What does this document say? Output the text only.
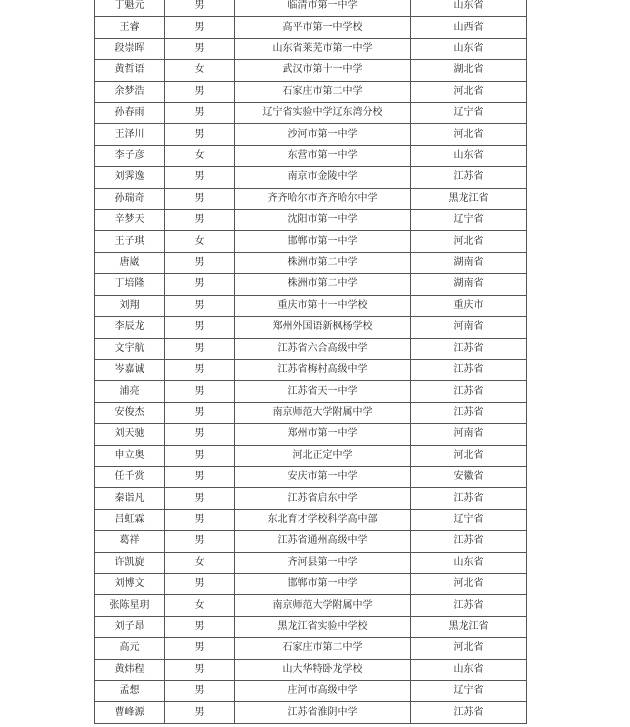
丁魁元	男	临清市第一中学	山东省
王睿	男	高平市第一中学校	山西省
段崇晖	男	山东省莱芜市第一中学	山东省
黄哲语	女	武汉市第十一中学	湖北省
余梦浩	男	石家庄市第二中学	河北省
孙春雨	男	辽宁省实验中学辽东湾分校	辽宁省
王泽川	男	沙河市第一中学	河北省
李子彦	女	东营市第一中学	山东省
刘霁逸	男	南京市金陵中学	江苏省
孙瑞奇	男	齐齐哈尔市齐齐哈尔中学	黑龙江省
辛梦天	男	沈阳市第一中学	辽宁省
王子琪	女	邯郸市第一中学	河北省
唐崴	男	株洲市第二中学	湖南省
丁培隆	男	株洲市第二中学	湖南省
刘翔	男	重庆市第十一中学校	重庆市
李辰龙	男	郑州外国语新枫杨学校	河南省
文宇航	男	江苏省六合高级中学	江苏省
岑嘉诚	男	江苏省梅村高级中学	江苏省
浦亮	男	江苏省天一中学	江苏省
安俊杰	男	南京师范大学附属中学	江苏省
刘天驰	男	郑州市第一中学	河南省
申立奥	男	河北正定中学	河北省
任千赏	男	安庆市第一中学	安徽省
秦诣凡	男	江苏省启东中学	江苏省
吕虹霖	男	东北育才学校科学高中部	辽宁省
葛祥	男	江苏省通州高级中学	江苏省
许凯旋	女	齐河县第一中学	山东省
刘博文	男	邯郸市第一中学	河北省
张陈星玥	女	南京师范大学附属中学	江苏省
刘子昂	男	黑龙江省实验中学校	黑龙江省
高元	男	石家庄市第二中学	河北省
黄炜程	男	山大华特卧龙学校	山东省
孟想	男	庄河市高级中学	辽宁省
曹峰源	男	江苏省淮阴中学	江苏省
